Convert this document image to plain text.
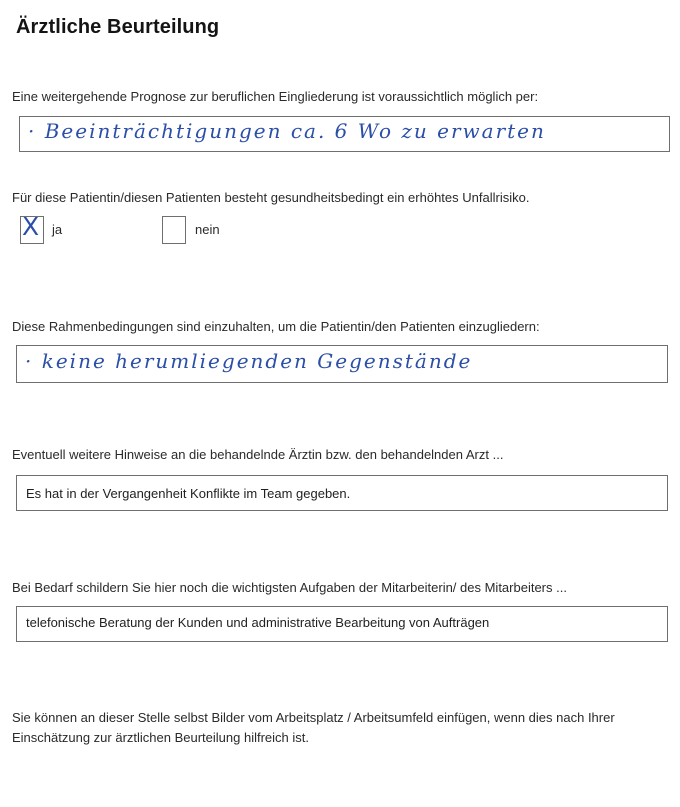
Ärztliche Beurteilung
Eine weitergehende Prognose zur beruflichen Eingliederung ist voraussichtlich möglich per:
· Beeinträchtigungen ca. 6 Wo zu erwarten
Für diese Patientin/diesen Patienten besteht gesundheitsbedingt ein erhöhtes Unfallrisiko.
X ja	nein
Diese Rahmenbedingungen sind einzuhalten, um die Patientin/den Patienten einzugliedern:
· keine herumliegenden Gegenstände
Eventuell weitere Hinweise an die behandelnde Ärztin bzw. den behandelnden Arzt ...
Es hat in der Vergangenheit Konflikte im Team gegeben.
Bei Bedarf schildern Sie hier noch die wichtigsten Aufgaben der Mitarbeiterin/ des Mitarbeiters ...
telefonische Beratung der Kunden und administrative Bearbeitung von Aufträgen
Sie können an dieser Stelle selbst Bilder vom Arbeitsplatz / Arbeitsumfeld einfügen, wenn dies nach Ihrer Einschätzung zur ärztlichen Beurteilung hilfreich ist.
